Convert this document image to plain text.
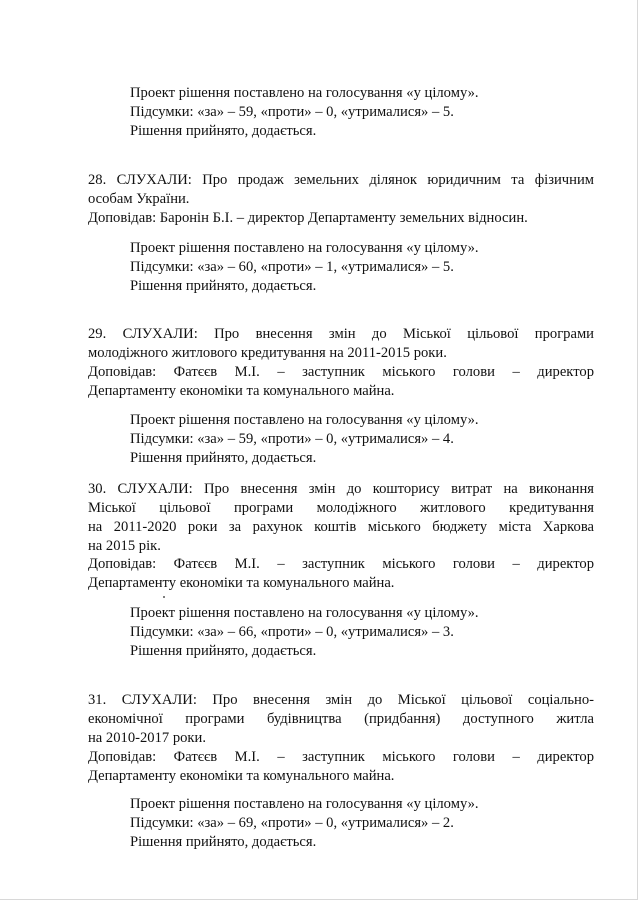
Проект рішення поставлено на голосування «у цілому».
Підсумки: «за» – 59, «проти» – 0, «утрималися» – 5.
Рішення прийнято, додається.
28. СЛУХАЛИ: Про продаж земельних ділянок юридичним та фізичним
особам України.
Доповідав: Баронін Б.І. – директор Департаменту земельних відносин.
Проект рішення поставлено на голосування «у цілому».
Підсумки: «за» – 60, «проти» – 1, «утрималися» – 5.
Рішення прийнято, додається.
29. СЛУХАЛИ: Про внесення змін до Міської цільової програми
молодіжного житлового кредитування на 2011-2015 роки.
Доповідав: Фатєєв М.І. – заступник міського голови – директор
Департаменту економіки та комунального майна.
Проект рішення поставлено на голосування «у цілому».
Підсумки: «за» – 59, «проти» – 0, «утрималися» – 4.
Рішення прийнято, додається.
30. СЛУХАЛИ: Про внесення змін до кошторису витрат на виконання
Міської цільової програми молодіжного житлового кредитування
на 2011-2020 роки за рахунок коштів міського бюджету міста Харкова
на 2015 рік.
Доповідав: Фатєєв М.І. – заступник міського голови – директор
Департаменту економіки та комунального майна.
Проект рішення поставлено на голосування «у цілому».
Підсумки: «за» – 66, «проти» – 0, «утрималися» – 3.
Рішення прийнято, додається.
31. СЛУХАЛИ: Про внесення змін до Міської цільової соціально-
економічної програми будівництва (придбання) доступного житла
на 2010-2017 роки.
Доповідав: Фатєєв М.І. – заступник міського голови – директор
Департаменту економіки та комунального майна.
Проект рішення поставлено на голосування «у цілому».
Підсумки: «за» – 69, «проти» – 0, «утрималися» – 2.
Рішення прийнято, додається.
